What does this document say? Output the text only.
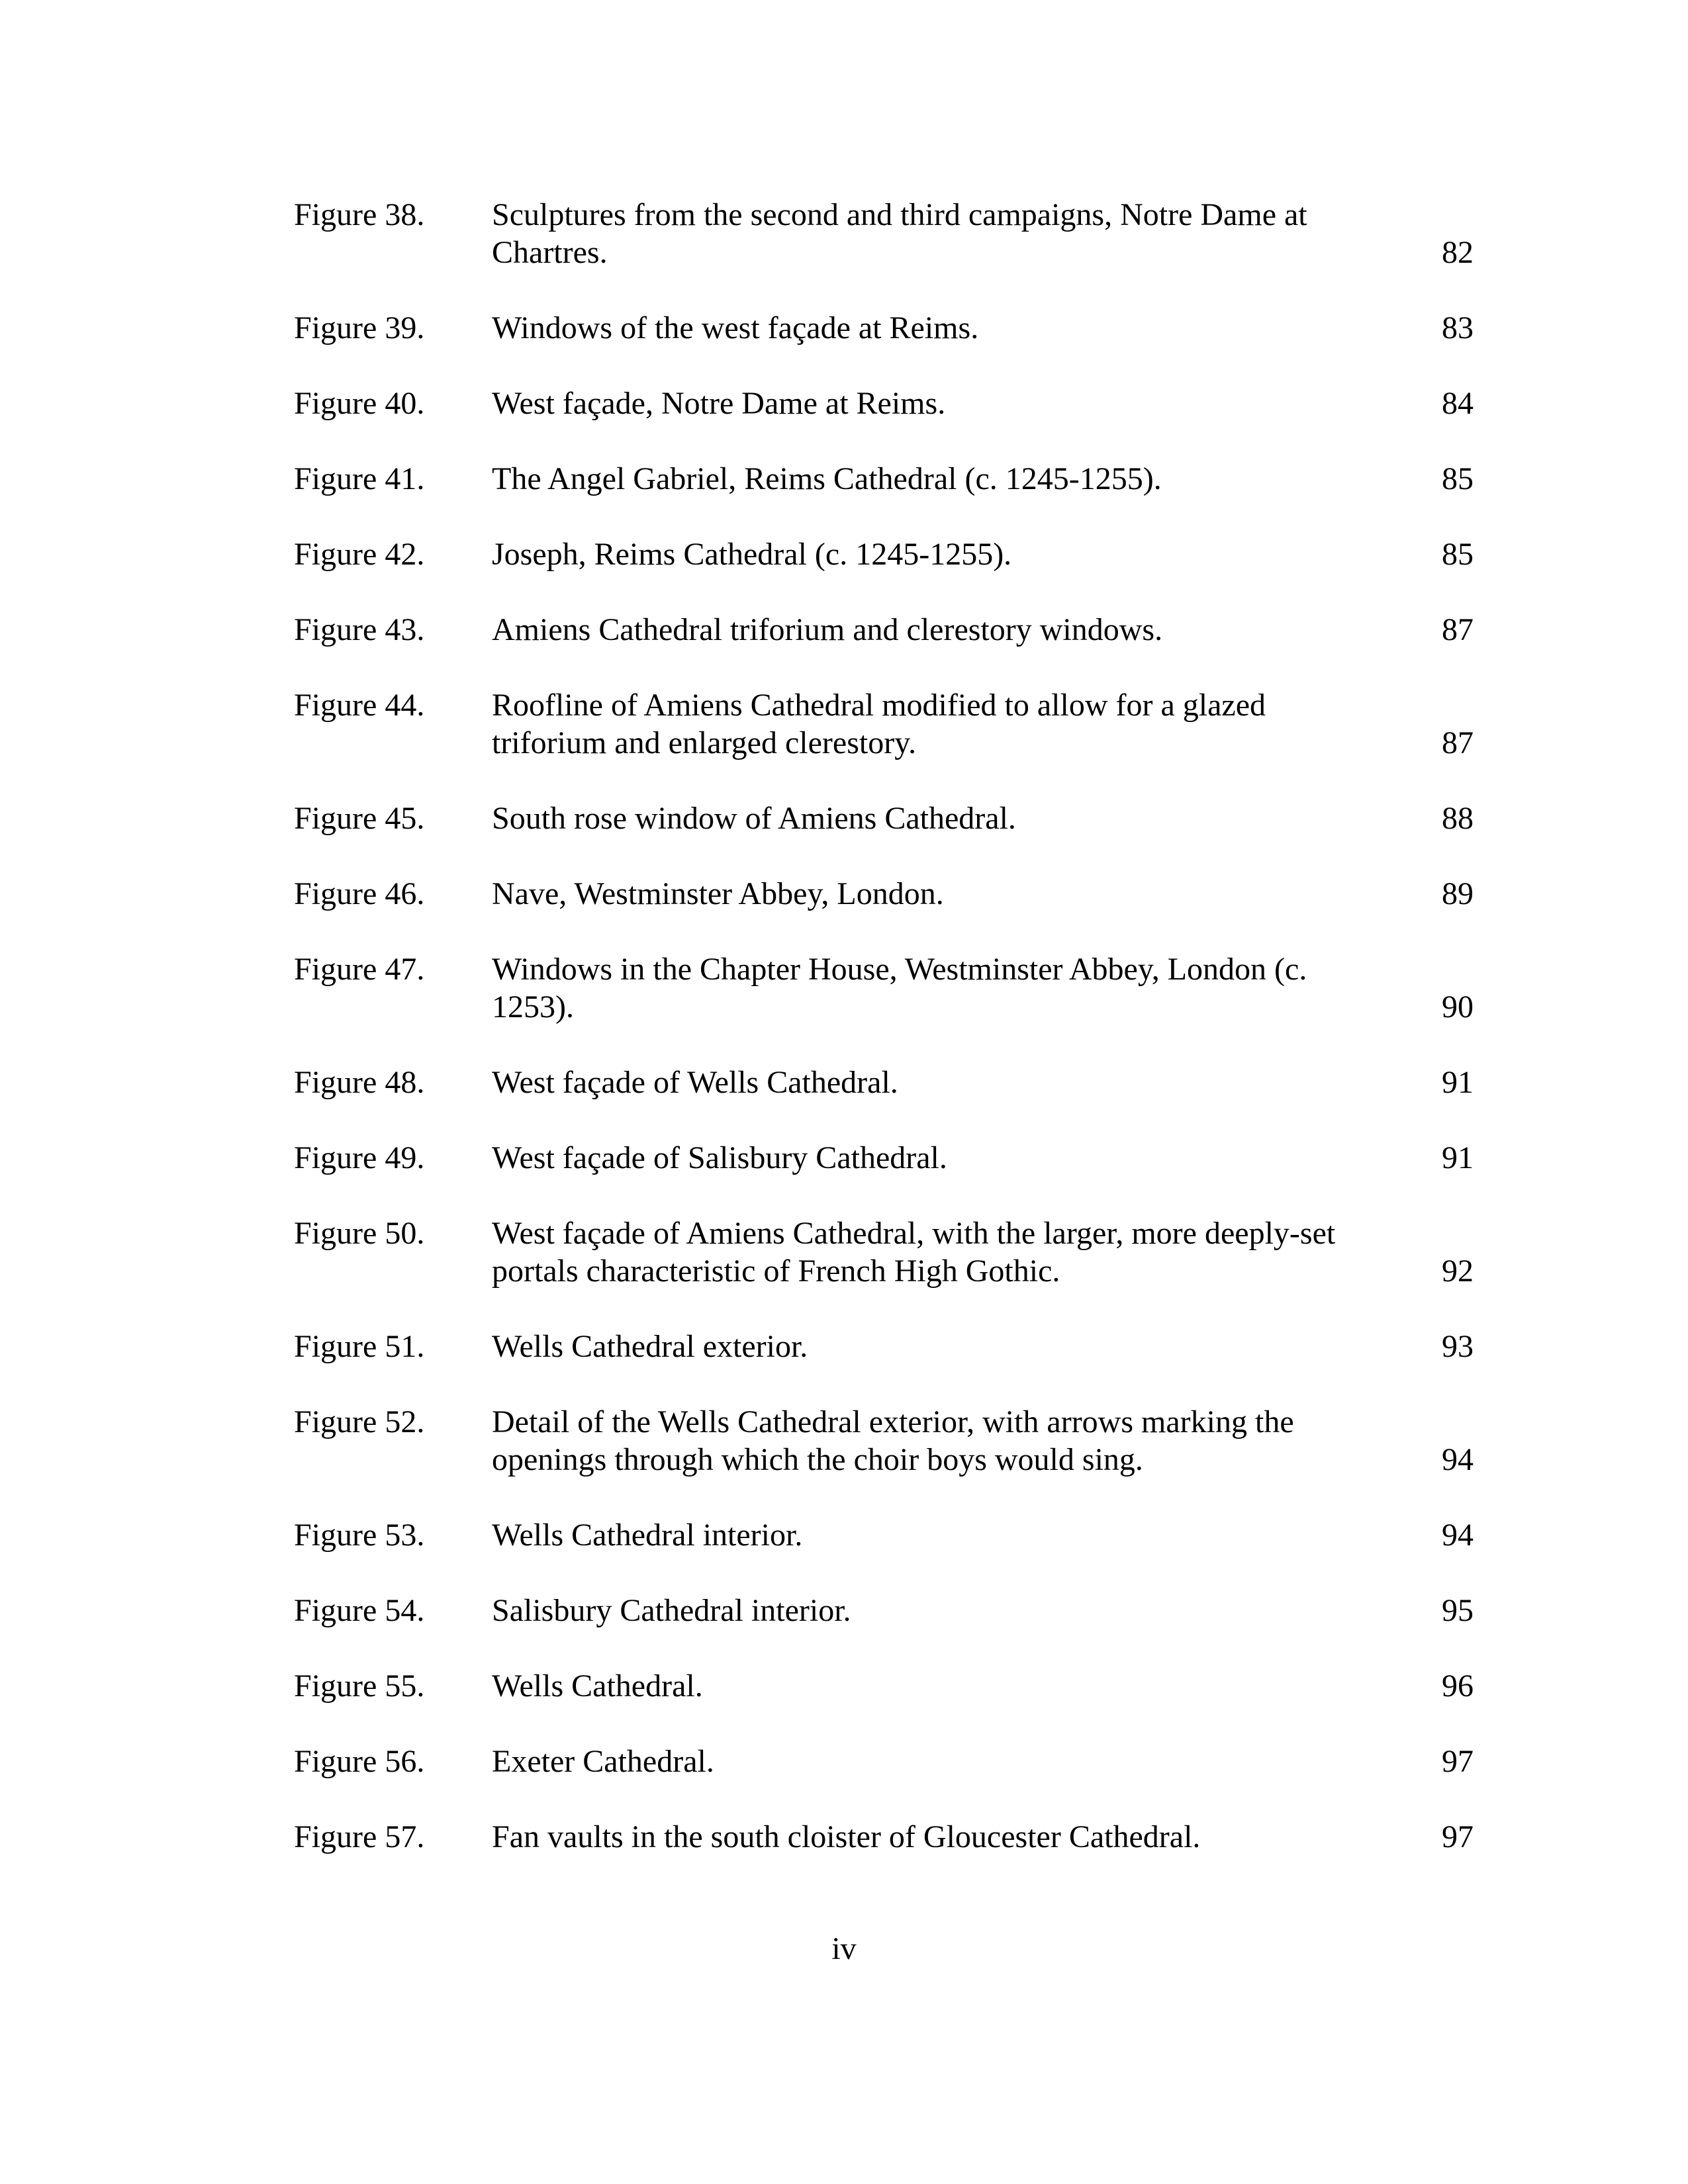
Figure 38. Sculptures from the second and third campaigns, Notre Dame at Chartres.	82
Figure 39. Windows of the west façade at Reims.	83
Figure 40. West façade, Notre Dame at Reims.	84
Figure 41. The Angel Gabriel, Reims Cathedral (c. 1245-1255).	85
Figure 42. Joseph, Reims Cathedral (c. 1245-1255).	85
Figure 43. Amiens Cathedral triforium and clerestory windows.	87
Figure 44. Roofline of Amiens Cathedral modified to allow for a glazed triforium and enlarged clerestory.	87
Figure 45. South rose window of Amiens Cathedral.	88
Figure 46. Nave, Westminster Abbey, London.	89
Figure 47. Windows in the Chapter House, Westminster Abbey, London (c. 1253).	90
Figure 48. West façade of Wells Cathedral.	91
Figure 49. West façade of Salisbury Cathedral.	91
Figure 50. West façade of Amiens Cathedral, with the larger, more deeply-set portals characteristic of French High Gothic.	92
Figure 51. Wells Cathedral exterior.	93
Figure 52. Detail of the Wells Cathedral exterior, with arrows marking the openings through which the choir boys would sing.	94
Figure 53. Wells Cathedral interior.	94
Figure 54. Salisbury Cathedral interior.	95
Figure 55. Wells Cathedral.	96
Figure 56. Exeter Cathedral.	97
Figure 57. Fan vaults in the south cloister of Gloucester Cathedral.	97
iv
